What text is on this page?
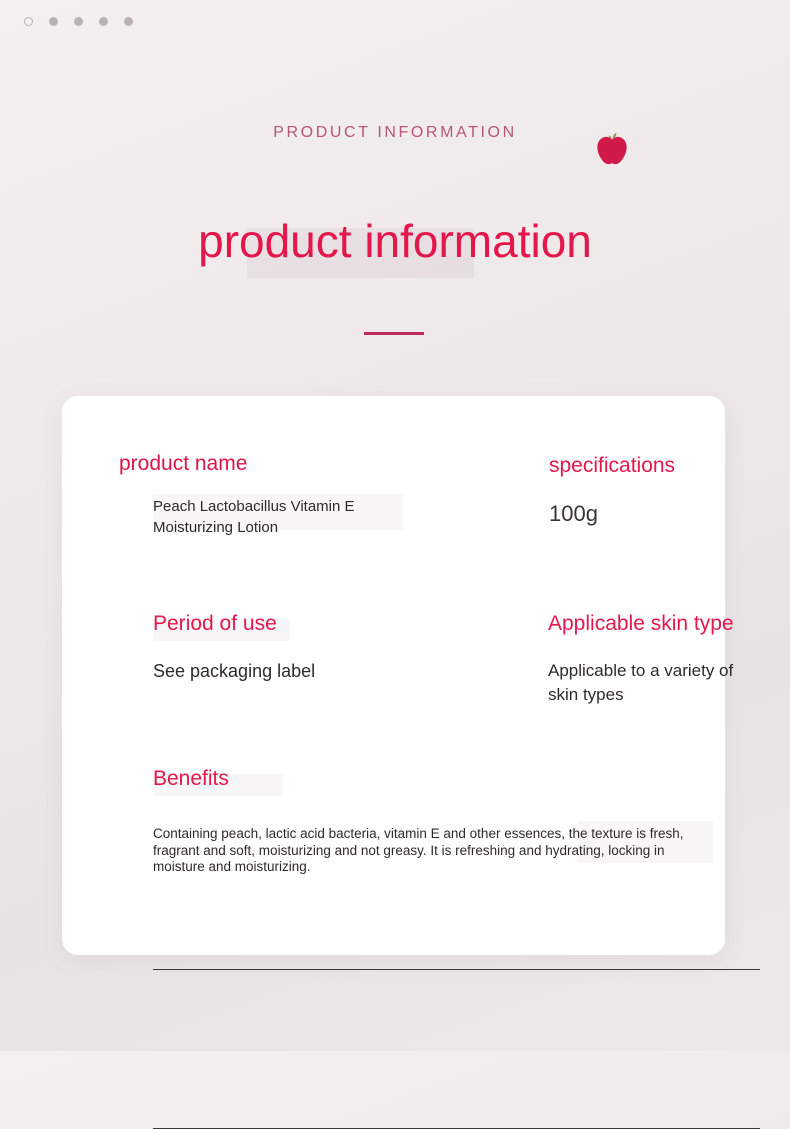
PRODUCT INFORMATION
product information
product name
Peach Lactobacillus Vitamin E Moisturizing Lotion
specifications
100g
Period of use
See packaging label
Applicable skin type
Applicable to a variety of skin types
Benefits
Containing peach, lactic acid bacteria, vitamin E and other essences, the texture is fresh, fragrant and soft, moisturizing and not greasy. It is refreshing and hydrating, locking in moisture and moisturizing.
